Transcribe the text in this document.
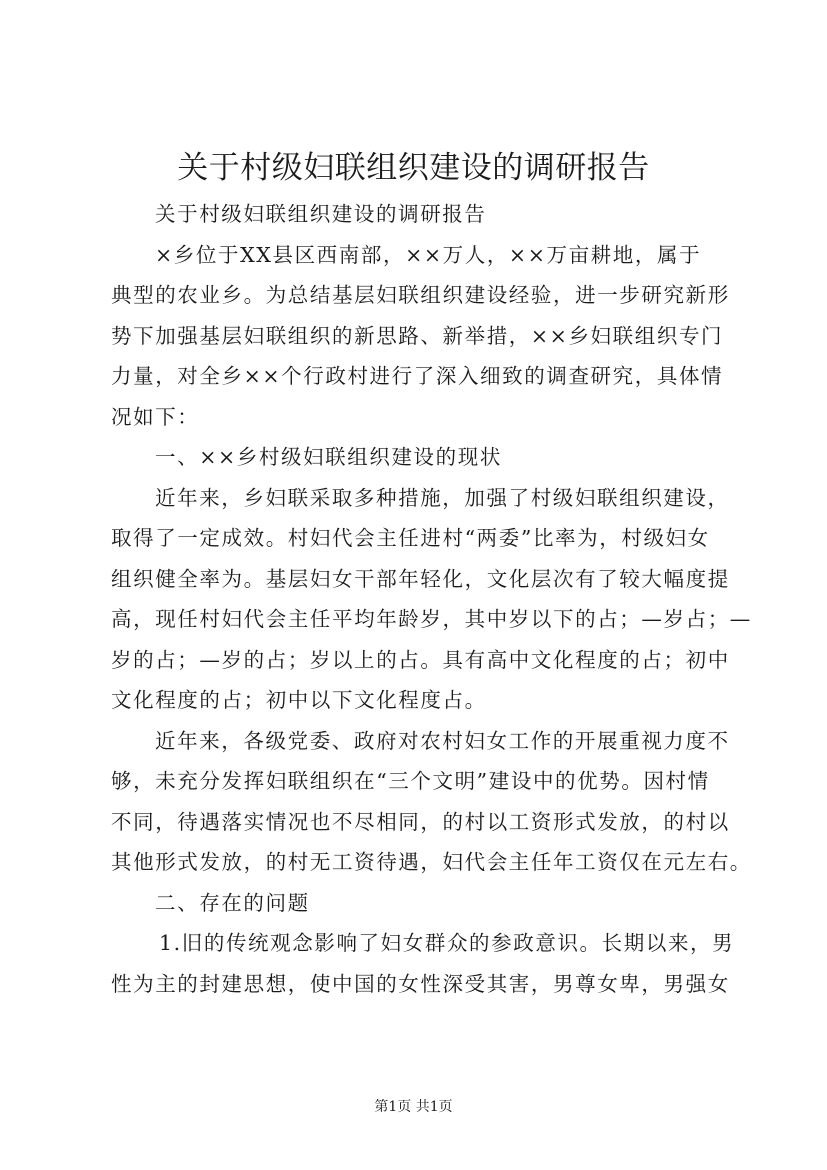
关于村级妇联组织建设的调研报告
关于村级妇联组织建设的调研报告
×乡位于XX县区西南部，××万人，××万亩耕地，属于
典型的农业乡。为总结基层妇联组织建设经验，进一步研究新形
势下加强基层妇联组织的新思路、新举措，××乡妇联组织专门
力量，对全乡××个行政村进行了深入细致的调查研究，具体情
况如下：
一、××乡村级妇联组织建设的现状
近年来，乡妇联采取多种措施，加强了村级妇联组织建设，
取得了一定成效。村妇代会主任进村“两委”比率为，村级妇女
组织健全率为。基层妇女干部年轻化，文化层次有了较大幅度提
高，现任村妇代会主任平均年龄岁，其中岁以下的占；—岁占；—
岁的占；—岁的占；岁以上的占。具有高中文化程度的占；初中
文化程度的占；初中以下文化程度占。
近年来，各级党委、政府对农村妇女工作的开展重视力度不
够，未充分发挥妇联组织在“三个文明”建设中的优势。因村情
不同，待遇落实情况也不尽相同，的村以工资形式发放，的村以
其他形式发放，的村无工资待遇，妇代会主任年工资仅在元左右。
二、存在的问题
1.旧的传统观念影响了妇女群众的参政意识。长期以来，男
性为主的封建思想，使中国的女性深受其害，男尊女卑，男强女
第1页 共1页
